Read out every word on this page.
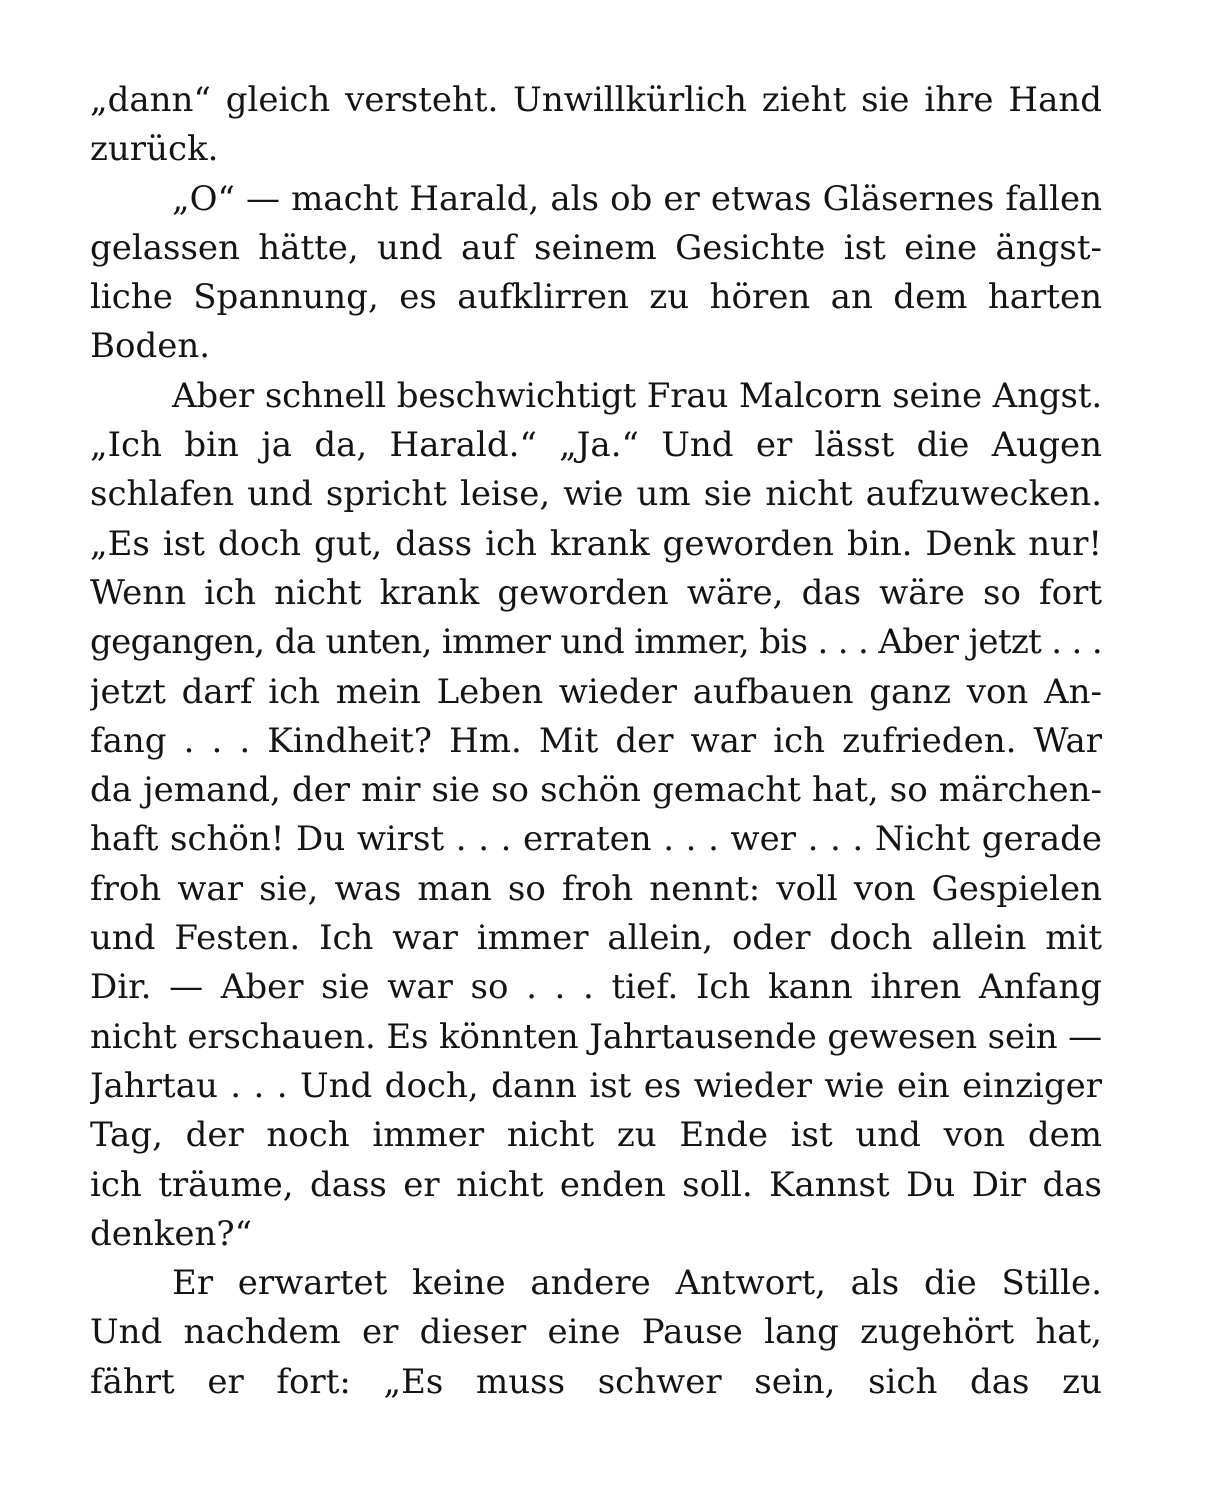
„dann“ gleich versteht. Unwillkürlich zieht sie ihre Hand
zurück.

„O“ — macht Harald, als ob er etwas Gläsernes fallen
gelassen hätte, und auf seinem Gesichte ist eine ängst-
liche Spannung, es aufklirren zu hören an dem harten
Boden.

Aber schnell beschwichtigt Frau Malcorn seine Angst.
„Ich bin ja da, Harald.“ „Ja.“ Und er lässt die Augen
schlafen und spricht leise, wie um sie nicht aufzuwecken.
„Es ist doch gut, dass ich krank geworden bin. Denk nur!
Wenn ich nicht krank geworden wäre, das wäre so fort
gegangen, da unten, immer und immer, bis . . . Aber jetzt . . .
jetzt darf ich mein Leben wieder aufbauen ganz von An-
fang . . . Kindheit? Hm. Mit der war ich zufrieden. War
da jemand, der mir sie so schön gemacht hat, so märchen-
haft schön! Du wirst . . . erraten . . . wer . . . Nicht gerade
froh war sie, was man so froh nennt: voll von Gespielen
und Festen. Ich war immer allein, oder doch allein mit
Dir. — Aber sie war so . . . tief. Ich kann ihren Anfang
nicht erschauen. Es könnten Jahrtausende gewesen sein —
Jahrtau . . . Und doch, dann ist es wieder wie ein einziger
Tag, der noch immer nicht zu Ende ist und von dem
ich träume, dass er nicht enden soll. Kannst Du Dir das
denken?“

Er erwartet keine andere Antwort, als die Stille.
Und nachdem er dieser eine Pause lang zugehört hat,
fährt er fort: „Es muss schwer sein, sich das zu
